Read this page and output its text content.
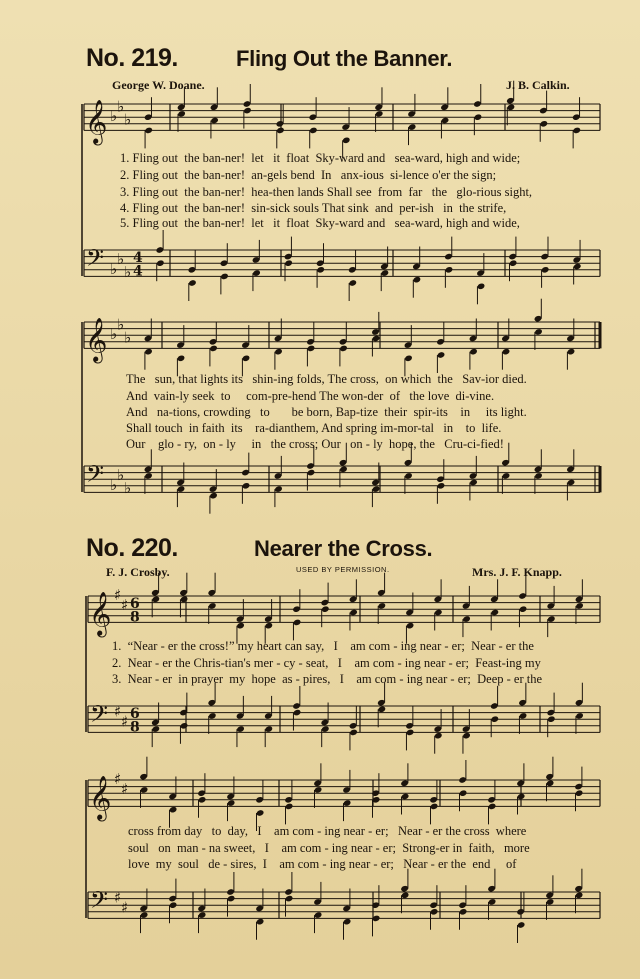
No. 219.	Fling Out the Banner.
George W. Doane.	J. B. Calkin.
No. 220.	Nearer the Cross.
F. J. Crosby.	USED BY PERMISSION.	Mrs. J. F. Knapp.
𝄞 ♭
♭
♭
𝄢 ♭
♭
♭
4
4
𝄞 ♭
♭
♭
𝄢 ♭
♭
♭
𝄞 ♯
♯ 6
8
𝄢 ♯
♯ 6
8
𝄞 ♯
♯
𝄢 ♯
♯
1. Fling out  the ban-ner!  let   it  float  Sky-ward and   sea-ward, high and wide;
2. Fling out  the ban-ner!  an-gels bend  In   anx-ious  si-lence o'er the sign;
3. Fling out  the ban-ner!  hea-then lands Shall see  from  far   the   glo-rious sight,
4. Fling out  the ban-ner!  sin-sick souls That sink  and  per-ish   in  the strife,
5. Fling out  the ban-ner!  let   it  float  Sky-ward and   sea-ward, high and wide,
The   sun, that lights its   shin-ing folds, The cross,  on which  the   Sav-ior died.
And  vain-ly seek  to     com-pre-hend The won-der  of   the love  di-vine.
And   na-tions, crowding   to       be born, Bap-tize  their  spir-its    in     its light.
Shall touch  in faith  its    ra-dianthem, And spring im-mor-tal   in    to  life.
Our    glo - ry,  on - ly     in   the cross; Our   on - ly  hope, the   Cru-ci-fied!
1.  “Near - er the cross!” my heart can say,   I    am com - ing near - er;  Near - er the
2.  Near - er the Chris-tian's mer - cy - seat,   I    am com - ing near - er;  Feast-ing my
3.  Near - er  in prayer  my  hope  as - pires,   I    am com - ing near - er;  Deep - er the
cross from day   to  day,   I    am com - ing near - er;   Near - er the cross  where
soul   on  man - na sweet,   I    am com - ing near - er;  Strong-er in  faith,   more
love  my  soul   de - sires,  I    am com - ing near - er;   Near - er the  end     of
